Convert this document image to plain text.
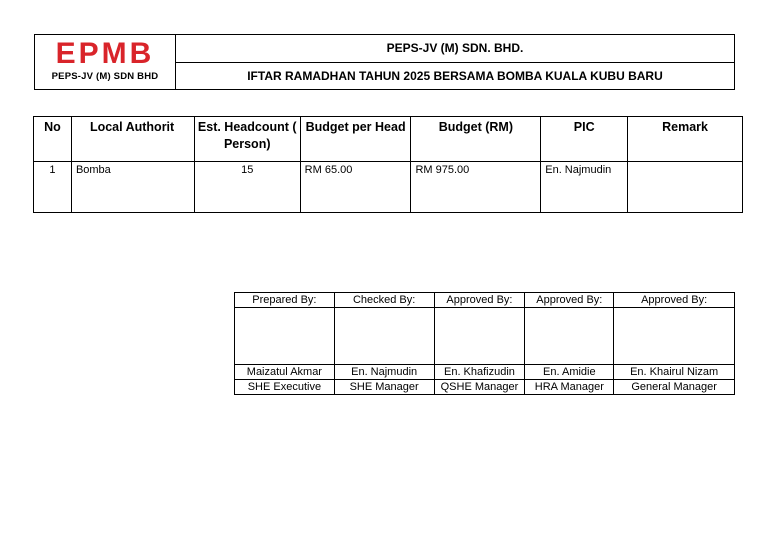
EPMB
PEPS-JV (M) SDN BHD
	PEPS-JV (M) SDN. BHD.
IFTAR RAMADHAN TAHUN 2025 BERSAMA BOMBA KUALA KUBU BARU
No	Local Authorit	Est. Headcount ( Person)	Budget per Head	Budget (RM)	PIC	Remark
1	Bomba	15	RM 65.00	RM 975.00	En. Najmudin	
Prepared By:	Checked By:	Approved By:	Approved By:	Approved By:

Maizatul Akmar	En. Najmudin	En. Khafizudin	En. Amidie	En. Khairul Nizam
SHE Executive	SHE Manager	QSHE Manager	HRA Manager	General Manager
